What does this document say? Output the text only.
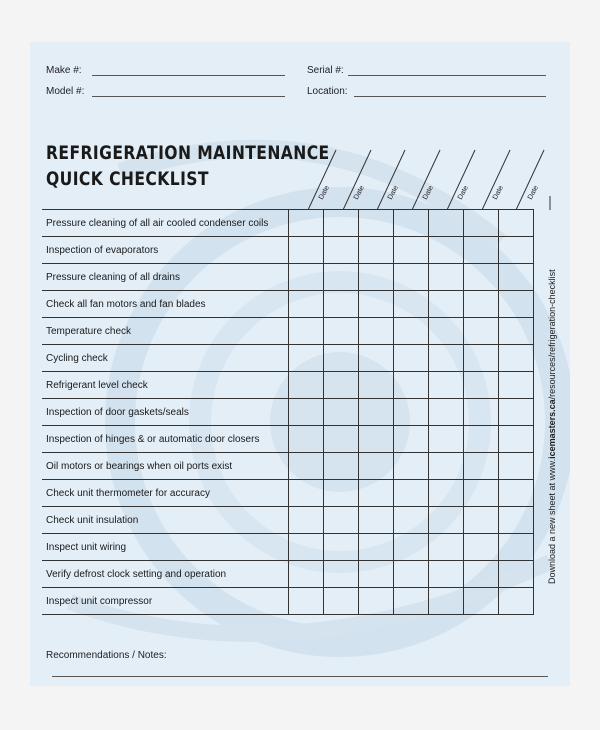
Make #:	Serial #:
Model #:	Location:
REFRIGERATION MAINTENANCE
QUICK CHECKLIST
Date	Date	Date	Date	Date	Date	Date
Pressure cleaning of all air cooled condenser coils							
Inspection of evaporators							
Pressure cleaning of all drains							
Check all fan motors and fan blades							
Temperature check							
Cycling check							
Refrigerant level check							
Inspection of door gaskets/seals							
Inspection of hinges & or automatic door closers							
Oil motors or bearings when oil ports exist							
Check unit thermometer for accuracy							
Check unit insulation							
Inspect unit wiring							
Verify defrost clock setting and operation							
Inspect unit compressor							
Download a new sheet at www.icemasters.ca/resources/refrigeration-checklist
Recommendations / Notes:
